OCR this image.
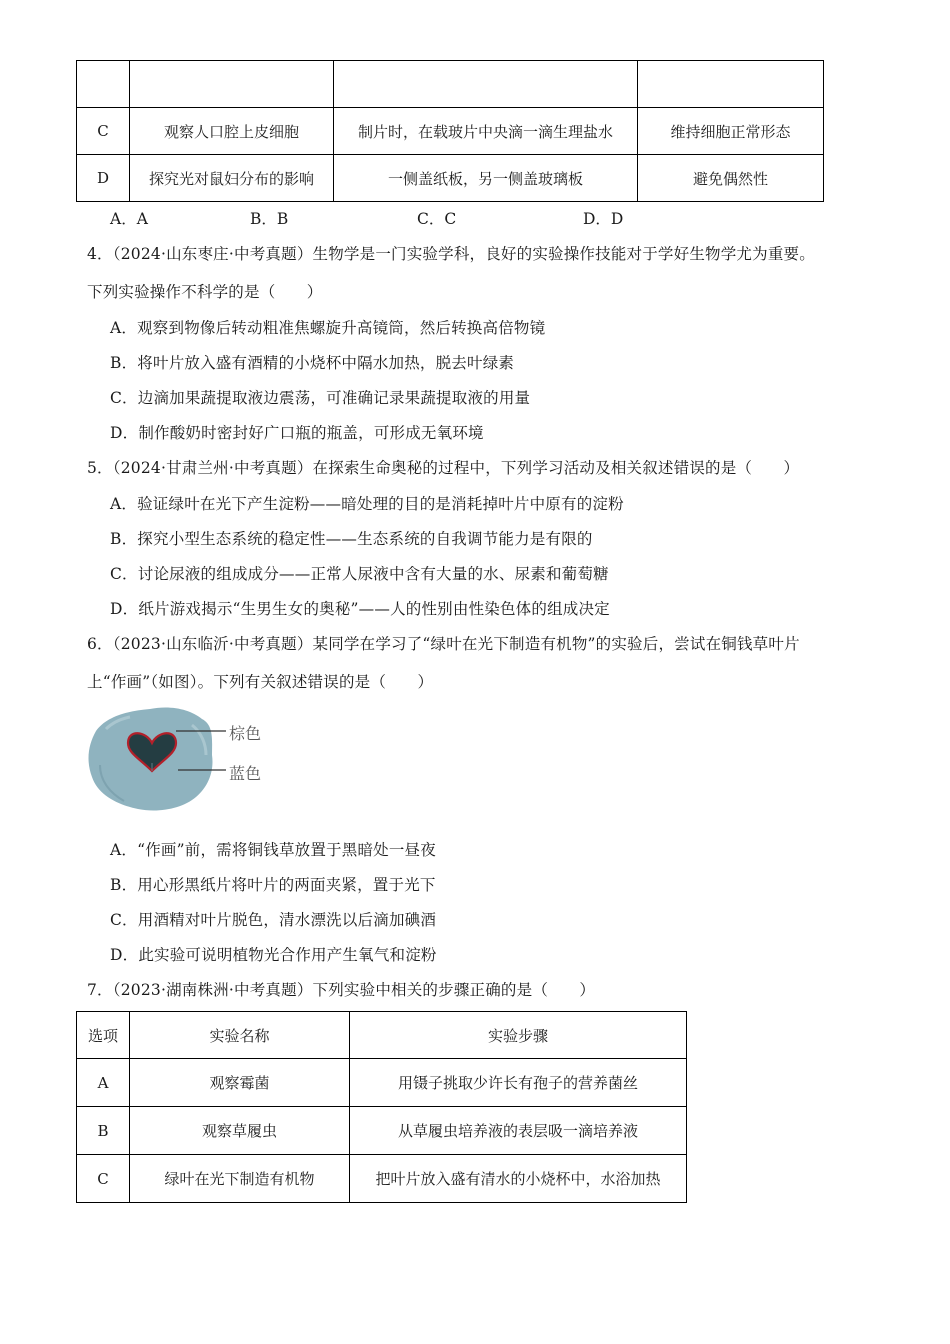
C	观察人口腔上皮细胞	制片时，在载玻片中央滴一滴生理盐水	维持细胞正常形态
D	探究光对鼠妇分布的影响	一侧盖纸板，另一侧盖玻璃板	避免偶然性
A．A	B．B	C．C	D．D
4．（2024·山东枣庄·中考真题）生物学是一门实验学科，良好的实验操作技能对于学好生物学尤为重要。
下列实验操作不科学的是（　　）
A．观察到物像后转动粗准焦螺旋升高镜筒，然后转换高倍物镜
B．将叶片放入盛有酒精的小烧杯中隔水加热，脱去叶绿素
C．边滴加果蔬提取液边震荡，可准确记录果蔬提取液的用量
D．制作酸奶时密封好广口瓶的瓶盖，可形成无氧环境
5．（2024·甘肃兰州·中考真题）在探索生命奥秘的过程中，下列学习活动及相关叙述错误的是（　　）
A．验证绿叶在光下产生淀粉——暗处理的目的是消耗掉叶片中原有的淀粉
B．探究小型生态系统的稳定性——生态系统的自我调节能力是有限的
C．讨论尿液的组成成分——正常人尿液中含有大量的水、尿素和葡萄糖
D．纸片游戏揭示“生男生女的奥秘”——人的性别由性染色体的组成决定
6．（2023·山东临沂·中考真题）某同学在学习了“绿叶在光下制造有机物”的实验后，尝试在铜钱草叶片
上“作画”（如图）。下列有关叙述错误的是（　　）
棕色
蓝色
A．“作画”前，需将铜钱草放置于黑暗处一昼夜
B．用心形黑纸片将叶片的两面夹紧，置于光下
C．用酒精对叶片脱色，清水漂洗以后滴加碘酒
D．此实验可说明植物光合作用产生氧气和淀粉
7．（2023·湖南株洲·中考真题）下列实验中相关的步骤正确的是（　　）
选项	实验名称	实验步骤
A	观察霉菌	用镊子挑取少许长有孢子的营养菌丝
B	观察草履虫	从草履虫培养液的表层吸一滴培养液
C	绿叶在光下制造有机物	把叶片放入盛有清水的小烧杯中，水浴加热
